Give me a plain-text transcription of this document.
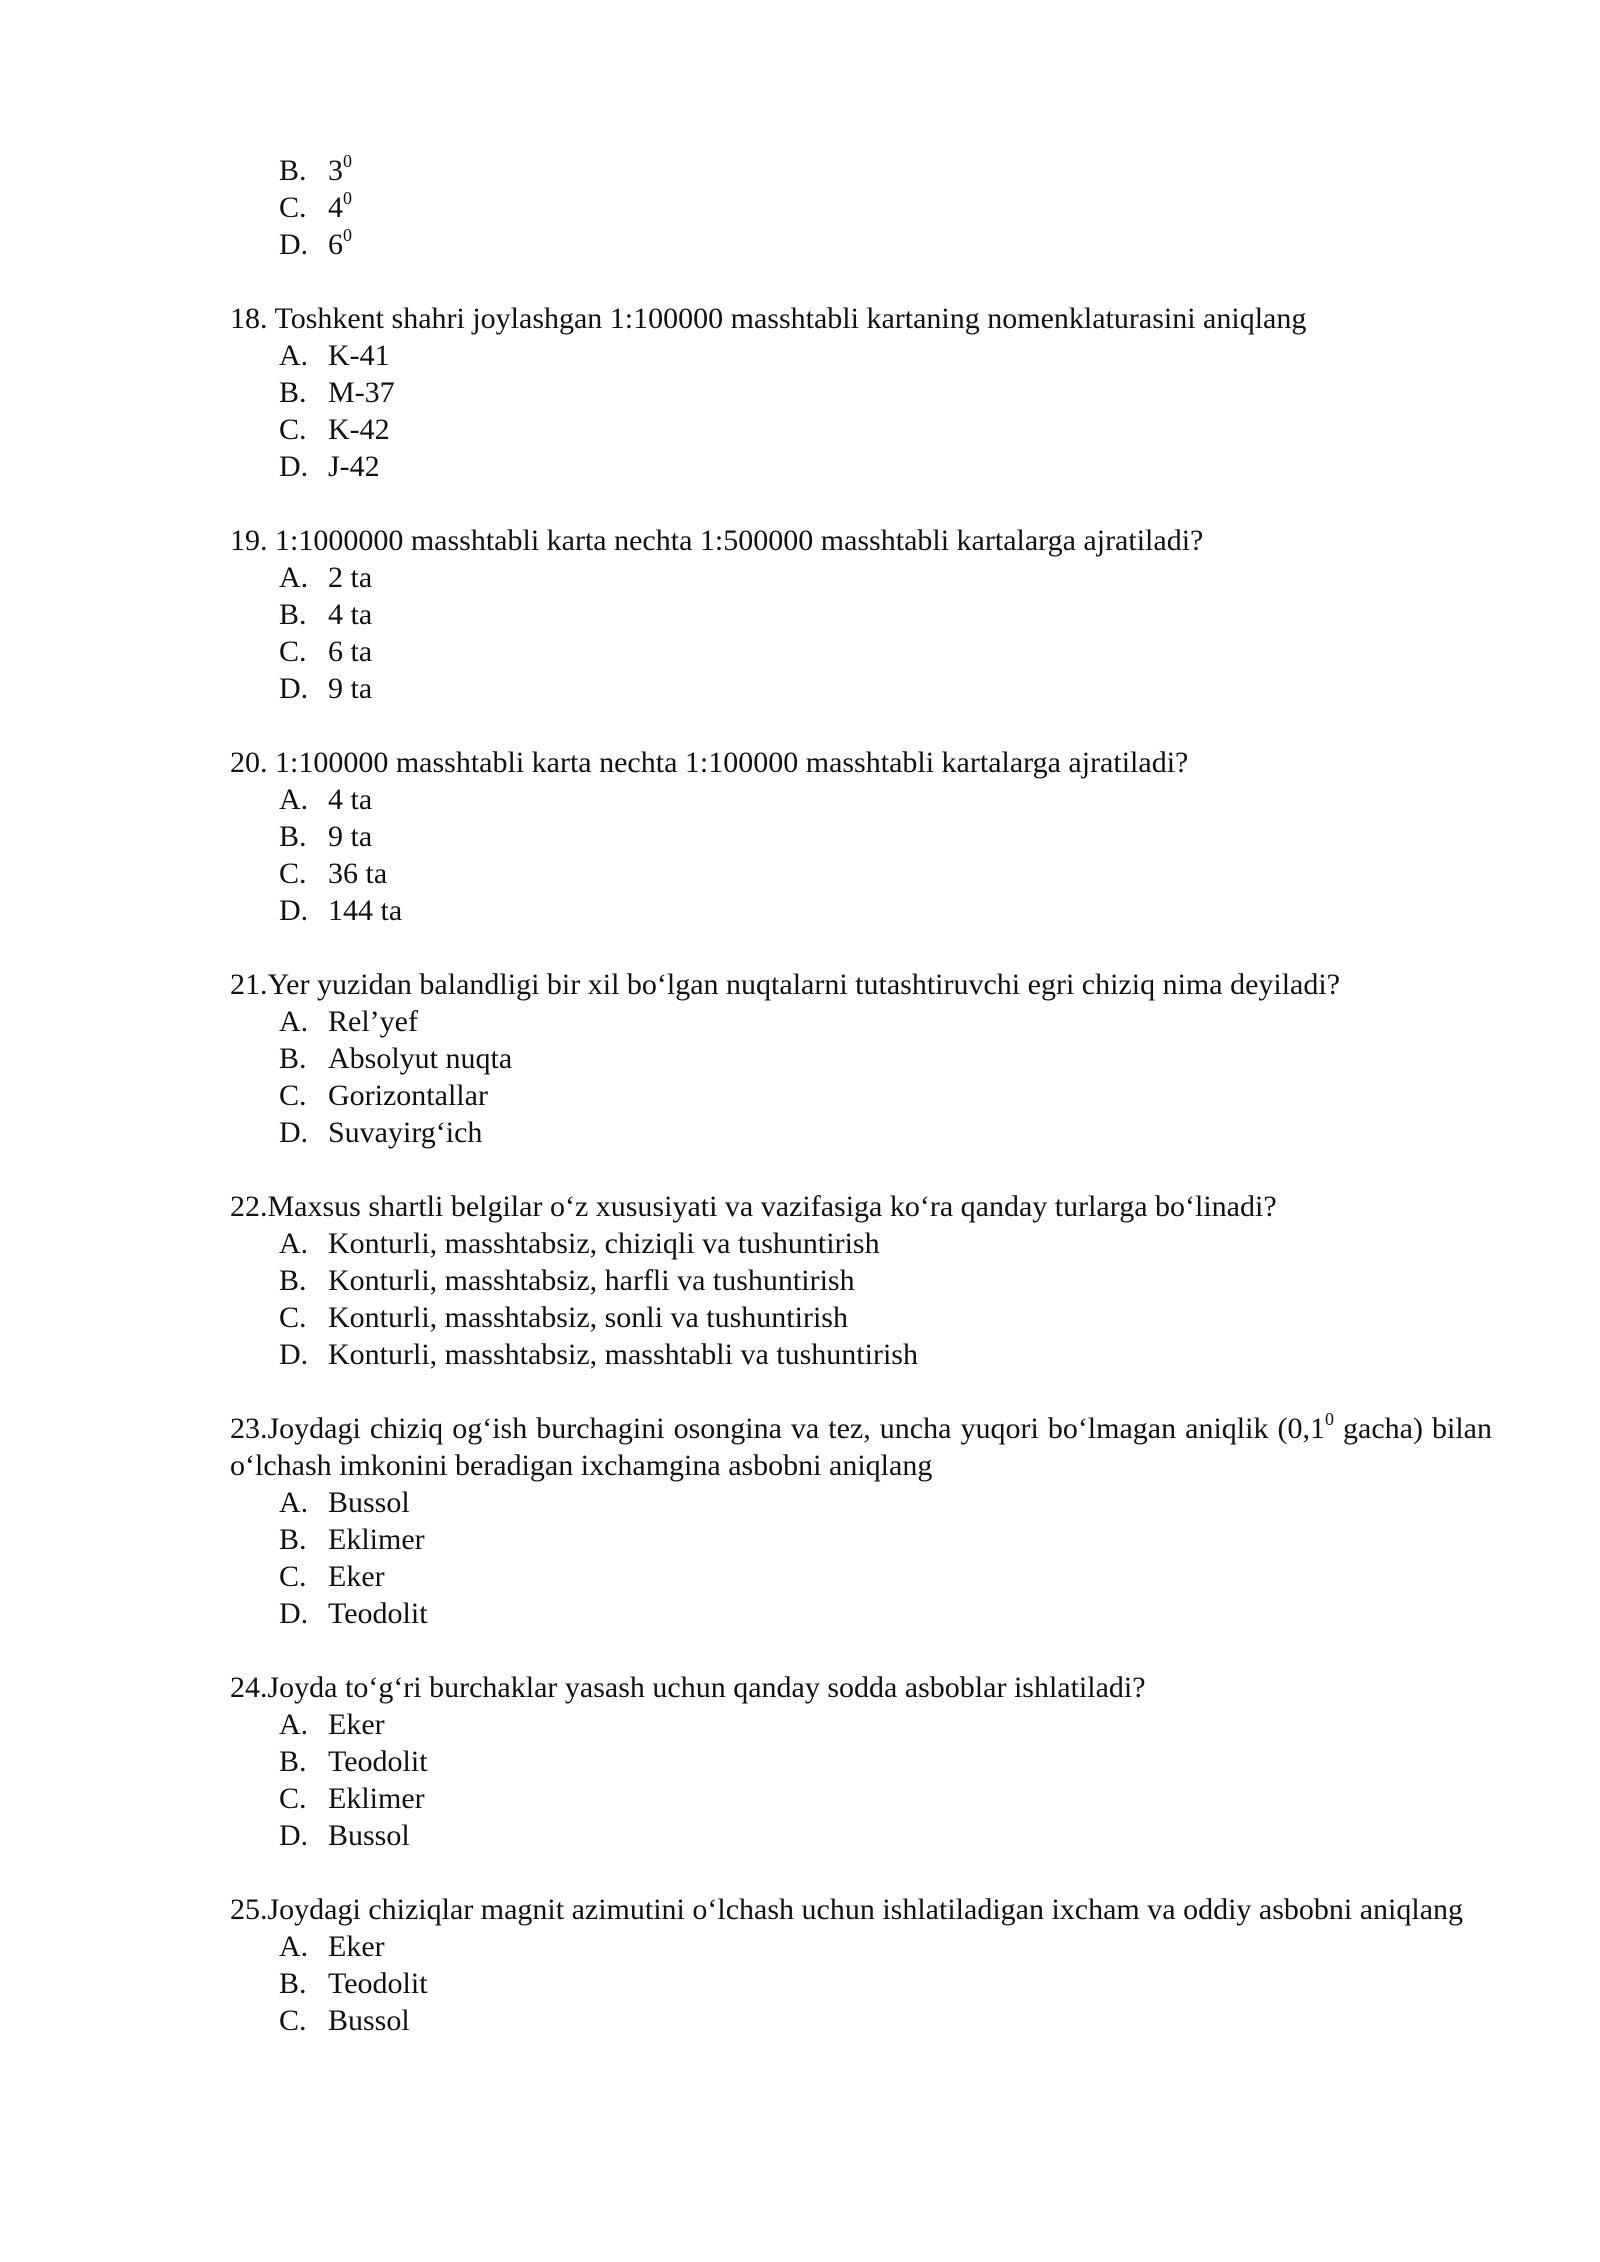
B. $3^0$
C. $4^0$
D. $6^0$
18. Toshkent shahri joylashgan 1:100000 masshtabli kartaning nomenklaturasini aniqlang
A. K-41
B. M-37
C. K-42
D. J-42
19. 1:1000000 masshtabli karta nechta 1:500000 masshtabli kartalarga ajratiladi?
A. 2 ta
B. 4 ta
C. 6 ta
D. 9 ta
20. 1:100000 masshtabli karta nechta 1:100000 masshtabli kartalarga ajratiladi?
A. 4 ta
B. 9 ta
C. 36 ta
D. 144 ta
21.Yer yuzidan balandligi bir xil bo‘lgan nuqtalarni tutashtiruvchi egri chiziq nima deyiladi?
A. Rel’yef
B. Absolyut nuqta
C. Gorizontallar
D. Suvayirg‘ich
22.Maxsus shartli belgilar o‘z xususiyati va vazifasiga ko‘ra qanday turlarga bo‘linadi?
A. Konturli, masshtabsiz, chiziqli va tushuntirish
B. Konturli, masshtabsiz, harfli va tushuntirish
C. Konturli, masshtabsiz, sonli va tushuntirish
D. Konturli, masshtabsiz, masshtabli va tushuntirish
23.Joydagi chiziq og‘ish burchagini osongina va tez, uncha yuqori bo‘lmagan aniqlik ($0,1^0$ gacha) bilan o‘lchash imkonini beradigan ixchamgina asbobni aniqlang
A. Bussol
B. Eklimer
C. Eker
D. Teodolit
24.Joyda to‘g‘ri burchaklar yasash uchun qanday sodda asboblar ishlatiladi?
A. Eker
B. Teodolit
C. Eklimer
D. Bussol
25.Joydagi chiziqlar magnit azimutini o‘lchash uchun ishlatiladigan ixcham va oddiy asbobni aniqlang
A. Eker
B. Teodolit
C. Bussol
